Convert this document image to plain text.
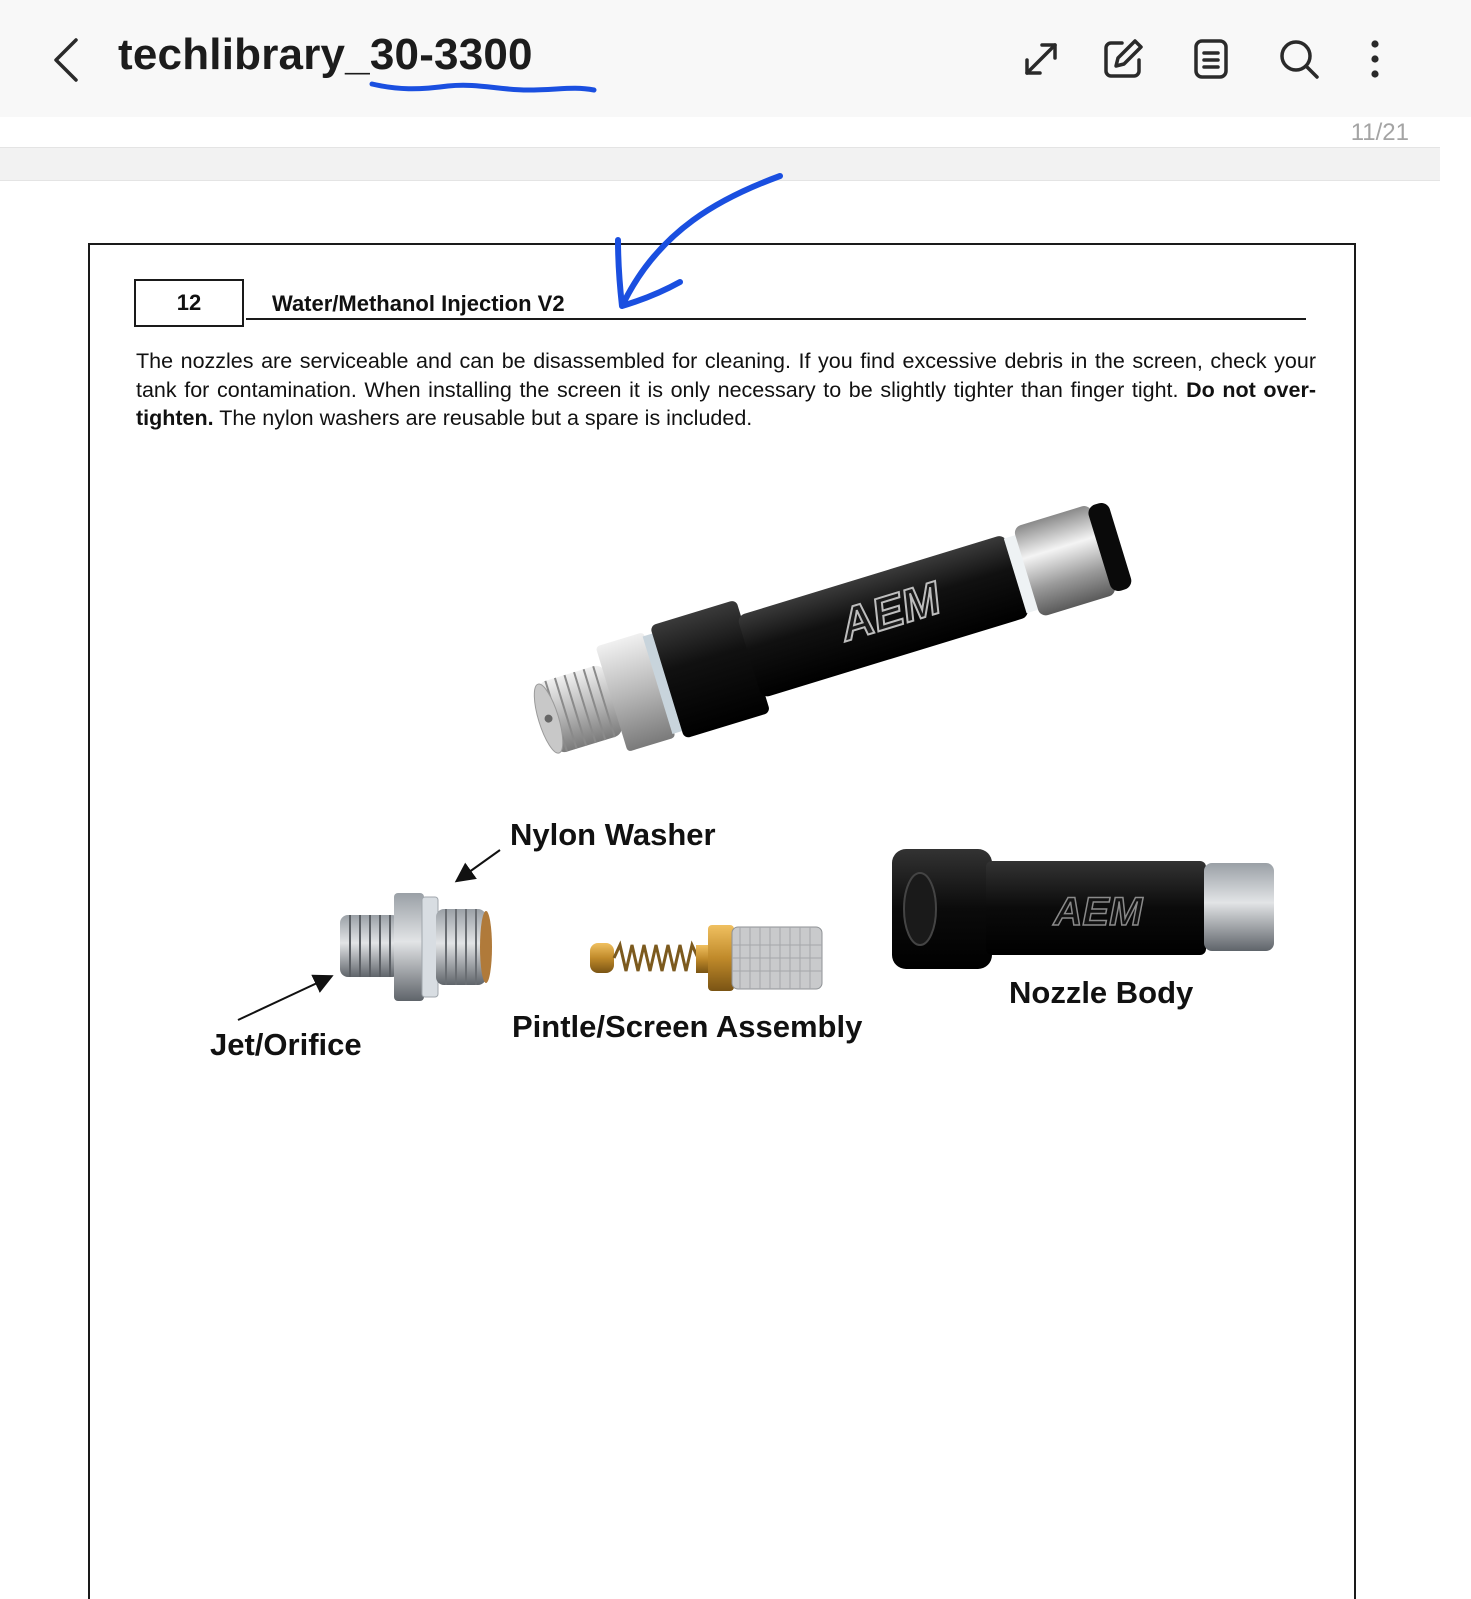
techlibrary_30-3300
11/21
12	Water/Methanol Injection V2
The nozzles are serviceable and can be disassembled for cleaning. If you find excessive debris in the screen, check your tank for contamination. When installing the screen it is only necessary to be slightly tighter than finger tight. Do not over-tighten. The nylon washers are reusable but a spare is included.
AEM
AEM
Nylon Washer
Jet/Orifice
Pintle/Screen Assembly
Nozzle Body
